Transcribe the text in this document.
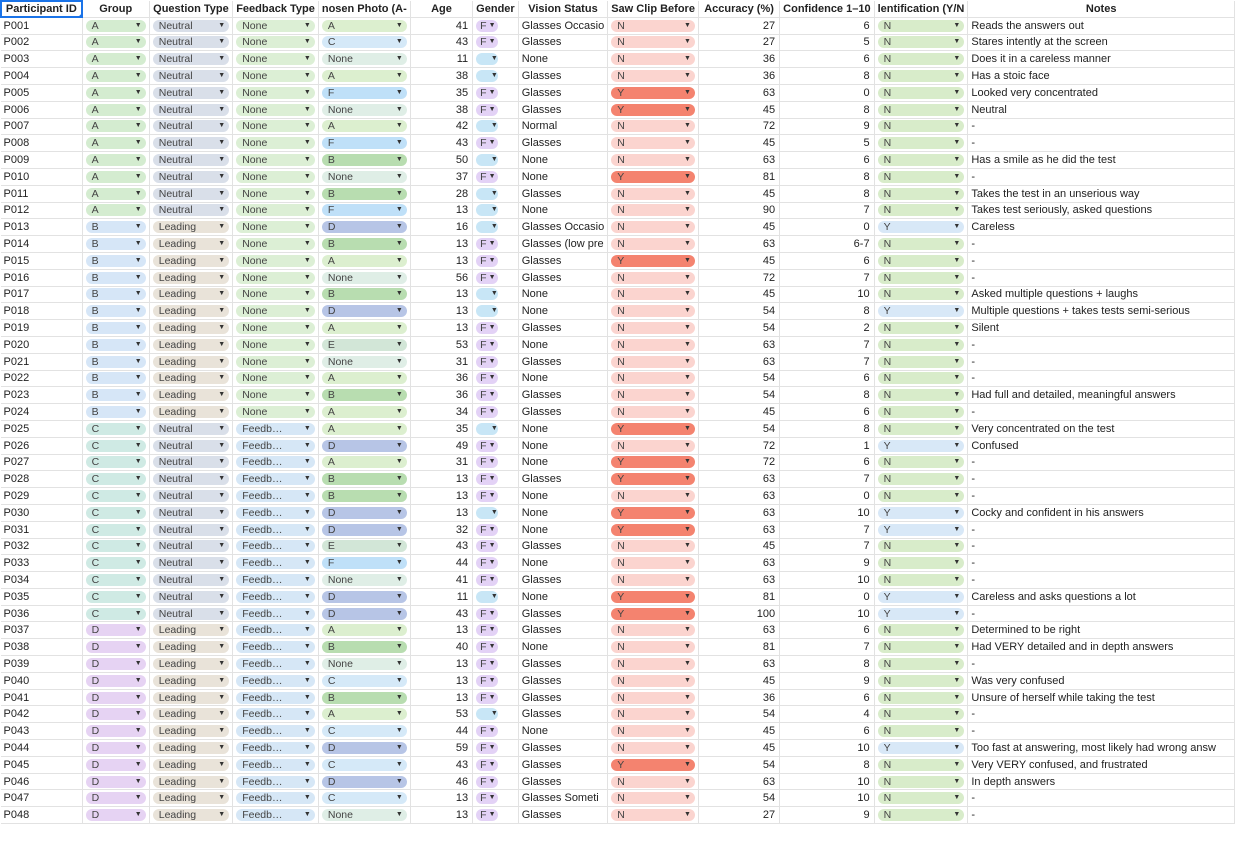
Participant ID	Group	Question Type	Feedback Type	nosen Photo (A-	Age	Gender	Vision Status	Saw Clip Before	Accuracy (%)	Confidence 1–10	lentification (Y/N	Notes
P001	A ▼	Neutral ▼	None ▼	A ▼	41	F ▼	Glasses Occasio	N ▼	27	6	N ▼	Reads the answers out
P002	A ▼	Neutral ▼	None ▼	C ▼	43	F ▼	Glasses	N ▼	27	5	N ▼	Stares intently at the screen
P003	A ▼	Neutral ▼	None ▼	None ▼	11	▼	None	N ▼	36	6	N ▼	Does it in a careless manner
P004	A ▼	Neutral ▼	None ▼	A ▼	38	▼	Glasses	N ▼	36	8	N ▼	Has a stoic face
P005	A ▼	Neutral ▼	None ▼	F ▼	35	F ▼	Glasses	Y ▼	63	0	N ▼	Looked very concentrated
P006	A ▼	Neutral ▼	None ▼	None ▼	38	F ▼	Glasses	Y ▼	45	8	N ▼	Neutral
P007	A ▼	Neutral ▼	None ▼	A ▼	42	▼	Normal	N ▼	72	9	N ▼	-
P008	A ▼	Neutral ▼	None ▼	F ▼	43	F ▼	Glasses	N ▼	45	5	N ▼	-
P009	A ▼	Neutral ▼	None ▼	B ▼	50	▼	None	N ▼	63	6	N ▼	Has a smile as he did the test
P010	A ▼	Neutral ▼	None ▼	None ▼	37	F ▼	None	Y ▼	81	8	N ▼	-
P011	A ▼	Neutral ▼	None ▼	B ▼	28	▼	Glasses	N ▼	45	8	N ▼	Takes the test in an unserious way
P012	A ▼	Neutral ▼	None ▼	F ▼	13	▼	None	N ▼	90	7	N ▼	Takes test seriously, asked questions
P013	B ▼	Leading ▼	None ▼	D ▼	16	▼	Glasses Occasio	N ▼	45	0	Y ▼	Careless
P014	B ▼	Leading ▼	None ▼	B ▼	13	F ▼	Glasses (low pre	N ▼	63	6-7	N ▼	-
P015	B ▼	Leading ▼	None ▼	A ▼	13	F ▼	Glasses	Y ▼	45	6	N ▼	-
P016	B ▼	Leading ▼	None ▼	None ▼	56	F ▼	Glasses	N ▼	72	7	N ▼	-
P017	B ▼	Leading ▼	None ▼	B ▼	13	▼	None	N ▼	45	10	N ▼	Asked multiple questions + laughs
P018	B ▼	Leading ▼	None ▼	D ▼	13	▼	None	N ▼	54	8	Y ▼	Multiple questions + takes tests semi-serious
P019	B ▼	Leading ▼	None ▼	A ▼	13	F ▼	Glasses	N ▼	54	2	N ▼	Silent
P020	B ▼	Leading ▼	None ▼	E ▼	53	F ▼	None	N ▼	63	7	N ▼	-
P021	B ▼	Leading ▼	None ▼	None ▼	31	F ▼	Glasses	N ▼	63	7	N ▼	-
P022	B ▼	Leading ▼	None ▼	A ▼	36	F ▼	None	N ▼	54	6	N ▼	-
P023	B ▼	Leading ▼	None ▼	B ▼	36	F ▼	Glasses	N ▼	54	8	N ▼	Had full and detailed, meaningful answers
P024	B ▼	Leading ▼	None ▼	A ▼	34	F ▼	Glasses	N ▼	45	6	N ▼	-
P025	C ▼	Neutral ▼	Feedb… ▼	A ▼	35	▼	None	Y ▼	54	8	N ▼	Very concentrated on the test
P026	C ▼	Neutral ▼	Feedb… ▼	D ▼	49	F ▼	None	N ▼	72	1	Y ▼	Confused
P027	C ▼	Neutral ▼	Feedb… ▼	A ▼	31	F ▼	None	Y ▼	72	6	N ▼	-
P028	C ▼	Neutral ▼	Feedb… ▼	B ▼	13	F ▼	Glasses	Y ▼	63	7	N ▼	-
P029	C ▼	Neutral ▼	Feedb… ▼	B ▼	13	F ▼	None	N ▼	63	0	N ▼	-
P030	C ▼	Neutral ▼	Feedb… ▼	D ▼	13	▼	None	Y ▼	63	10	Y ▼	Cocky and confident in his answers
P031	C ▼	Neutral ▼	Feedb… ▼	D ▼	32	F ▼	None	Y ▼	63	7	Y ▼	-
P032	C ▼	Neutral ▼	Feedb… ▼	E ▼	43	F ▼	Glasses	N ▼	45	7	N ▼	-
P033	C ▼	Neutral ▼	Feedb… ▼	F ▼	44	F ▼	None	N ▼	63	9	N ▼	-
P034	C ▼	Neutral ▼	Feedb… ▼	None ▼	41	F ▼	Glasses	N ▼	63	10	N ▼	-
P035	C ▼	Neutral ▼	Feedb… ▼	D ▼	11	▼	None	Y ▼	81	0	Y ▼	Careless and asks questions a lot
P036	C ▼	Neutral ▼	Feedb… ▼	D ▼	43	F ▼	Glasses	Y ▼	100	10	Y ▼	-
P037	D ▼	Leading ▼	Feedb… ▼	A ▼	13	F ▼	Glasses	N ▼	63	6	N ▼	Determined to be right
P038	D ▼	Leading ▼	Feedb… ▼	B ▼	40	F ▼	None	N ▼	81	7	N ▼	Had VERY detailed and in depth answers
P039	D ▼	Leading ▼	Feedb… ▼	None ▼	13	F ▼	Glasses	N ▼	63	8	N ▼	-
P040	D ▼	Leading ▼	Feedb… ▼	C ▼	13	F ▼	Glasses	N ▼	45	9	N ▼	Was very confused
P041	D ▼	Leading ▼	Feedb… ▼	B ▼	13	F ▼	Glasses	N ▼	36	6	N ▼	Unsure of herself while taking the test
P042	D ▼	Leading ▼	Feedb… ▼	A ▼	53	▼	Glasses	N ▼	54	4	N ▼	-
P043	D ▼	Leading ▼	Feedb… ▼	C ▼	44	F ▼	None	N ▼	45	6	N ▼	-
P044	D ▼	Leading ▼	Feedb… ▼	D ▼	59	F ▼	Glasses	N ▼	45	10	Y ▼	Too fast at answering, most likely had wrong answ
P045	D ▼	Leading ▼	Feedb… ▼	C ▼	43	F ▼	Glasses	Y ▼	54	8	N ▼	Very VERY confused, and frustrated
P046	D ▼	Leading ▼	Feedb… ▼	D ▼	46	F ▼	Glasses	N ▼	63	10	N ▼	In depth answers
P047	D ▼	Leading ▼	Feedb… ▼	C ▼	13	F ▼	Glasses Someti	N ▼	54	10	N ▼	-
P048	D ▼	Leading ▼	Feedb… ▼	None ▼	13	F ▼	Glasses	N ▼	27	9	N ▼	-
